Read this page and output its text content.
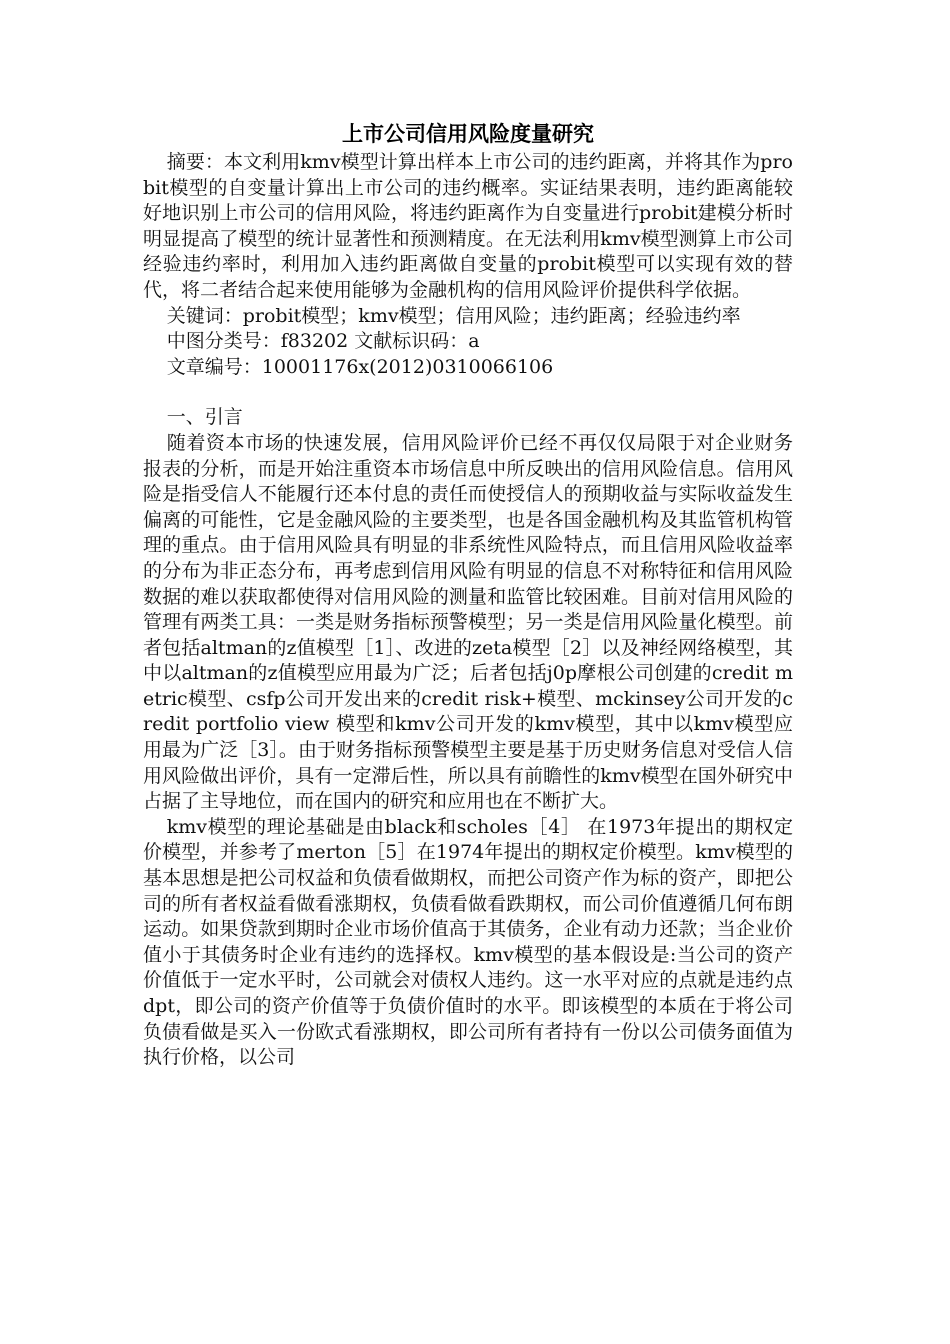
上市公司信用风险度量研究

摘要：本文利用kmv模型计算出样本上市公司的违约距离，并将其作为probit模型的自变量计算出上市公司的违约概率。实证结果表明，违约距离能较好地识别上市公司的信用风险，将违约距离作为自变量进行probit建模分析时明显提高了模型的统计显著性和预测精度。在无法利用kmv模型测算上市公司经验违约率时，利用加入违约距离做自变量的probit模型可以实现有效的替代，将二者结合起来使用能够为金融机构的信用风险评价提供科学依据。

关键词：probit模型；kmv模型；信用风险；违约距离；经验违约率

中图分类号：f83202 文献标识码：a

文章编号：10001176x(2012)0310066106

一、引言

随着资本市场的快速发展，信用风险评价已经不再仅仅局限于对企业财务报表的分析，而是开始注重资本市场信息中所反映出的信用风险信息。信用风险是指受信人不能履行还本付息的责任而使授信人的预期收益与实际收益发生偏离的可能性，它是金融风险的主要类型，也是各国金融机构及其监管机构管理的重点。由于信用风险具有明显的非系统性风险特点，而且信用风险收益率的分布为非正态分布，再考虑到信用风险有明显的信息不对称特征和信用风险数据的难以获取都使得对信用风险的测量和监管比较困难。目前对信用风险的管理有两类工具：一类是财务指标预警模型；另一类是信用风险量化模型。前者包括altman的z值模型［1］、改进的zeta模型［2］以及神经网络模型，其中以altman的z值模型应用最为广泛；后者包括j0p摩根公司创建的credit metric模型、csfp公司开发出来的credit risk+模型、mckinsey公司开发的credit portfolio view 模型和kmv公司开发的kmv模型，其中以kmv模型应用最为广泛［3］。由于财务指标预警模型主要是基于历史财务信息对受信人信用风险做出评价，具有一定滞后性，所以具有前瞻性的kmv模型在国外研究中占据了主导地位，而在国内的研究和应用也在不断扩大。

kmv模型的理论基础是由black和scholes［4］ 在1973年提出的期权定价模型，并参考了merton［5］在1974年提出的期权定价模型。kmv模型的基本思想是把公司权益和负债看做期权，而把公司资产作为标的资产，即把公司的所有者权益看做看涨期权，负债看做看跌期权，而公司价值遵循几何布朗运动。如果贷款到期时企业市场价值高于其债务，企业有动力还款；当企业价值小于其债务时企业有违约的选择权。kmv模型的基本假设是:当公司的资产价值低于一定水平时，公司就会对债权人违约。这一水平对应的点就是违约点dpt，即公司的资产价值等于负债价值时的水平。即该模型的本质在于将公司负债看做是买入一份欧式看涨期权，即公司所有者持有一份以公司债务面值为执行价格，以公司
